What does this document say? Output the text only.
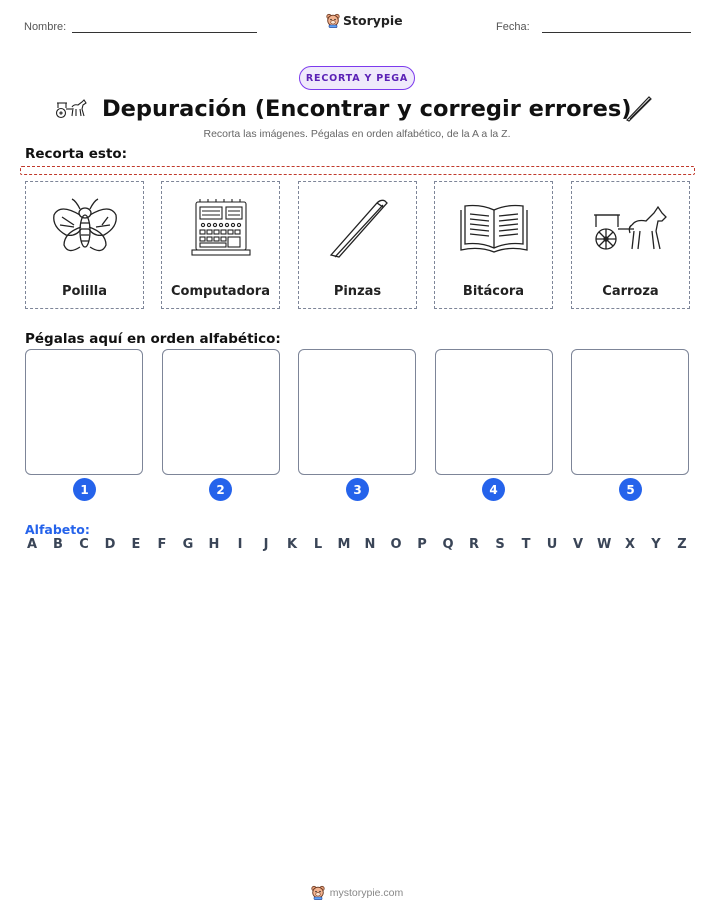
Nombre:	Storypie	Fecha:
RECORTA Y PEGA
Depuración (Encontrar y corregir errores)
Recorta las imágenes. Pégalas en orden alfabético, de la A a la Z.
Recorta esto:
Polilla	Computadora	Pinzas	Bitácora	Carroza
Pégalas aquí en orden alfabético:
1	2	3	4	5
Alfabeto:
A B C D E F G H	I	J	K L M N O P Q R S T U V W X Y Z
mystorypie.com
